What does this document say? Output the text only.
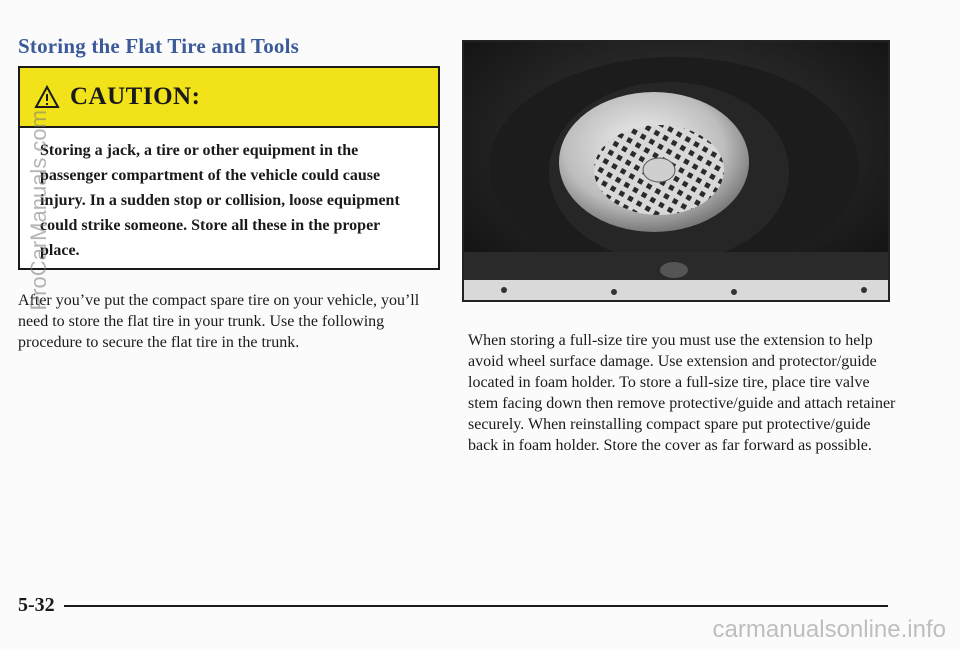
Storing the Flat Tire and Tools
CAUTION:
Storing a jack, a tire or other equipment in the passenger compartment of the vehicle could cause injury. In a sudden stop or collision, loose equipment could strike someone. Store all these in the proper place.
After you’ve put the compact spare tire on your vehicle, you’ll need to store the flat tire in your trunk. Use the following procedure to secure the flat tire in the trunk.	When storing a full-size tire you must use the extension to help avoid wheel surface damage. Use extension and protector/guide located in foam holder. To store a full-size tire, place tire valve stem facing down then remove protective/guide and attach retainer securely. When reinstalling compact spare put protective/guide back in foam holder. Store the cover as far forward as possible.
5-32
ProCarManuals.com
carmanualsonline.info
